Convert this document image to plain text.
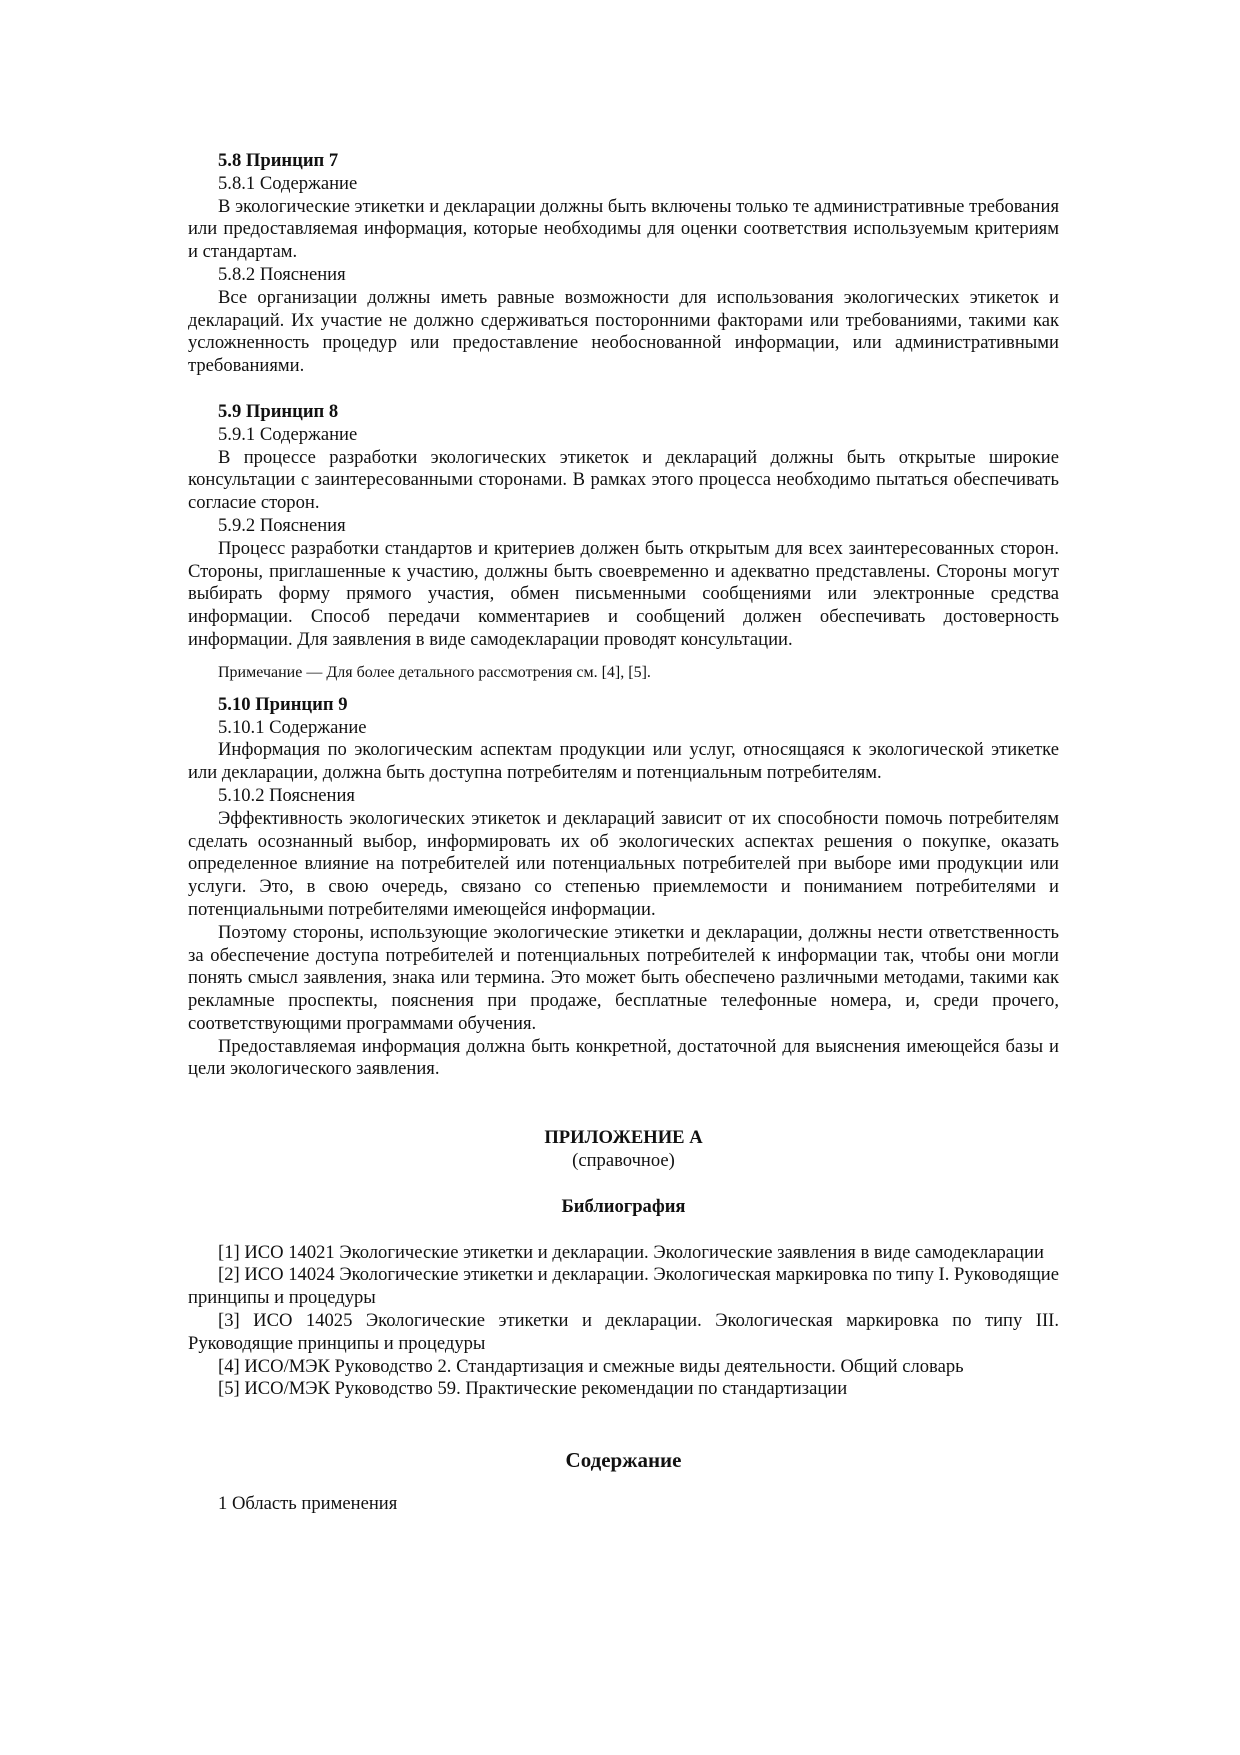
5.8 Принцип 7

5.8.1 Содержание

В экологические этикетки и декларации должны быть включены только те административные требования или предоставляемая информация, которые необходимы для оценки соответствия используемым критериям и стандартам.

5.8.2 Пояснения

Все организации должны иметь равные возможности для использования экологических этикеток и деклараций. Их участие не должно сдерживаться посторонними факторами или требованиями, такими как усложненность процедур или предоставление необоснованной информации, или административными требованиями.

5.9 Принцип 8

5.9.1 Содержание

В процессе разработки экологических этикеток и деклараций должны быть открытые широкие консультации с заинтересованными сторонами. В рамках этого процесса необходимо пытаться обеспечивать согласие сторон.

5.9.2 Пояснения

Процесс разработки стандартов и критериев должен быть открытым для всех заинтересованных сторон. Стороны, приглашенные к участию, должны быть своевременно и адекватно представлены. Стороны могут выбирать форму прямого участия, обмен письменными сообщениями или электронные средства информации. Способ передачи комментариев и сообщений должен обеспечивать достоверность информации. Для заявления в виде самодекларации проводят консультации.

Примечание — Для более детального рассмотрения см. [4], [5].

5.10 Принцип 9

5.10.1 Содержание

Информация по экологическим аспектам продукции или услуг, относящаяся к экологической этикетке или декларации, должна быть доступна потребителям и потенциальным потребителям.

5.10.2 Пояснения

Эффективность экологических этикеток и деклараций зависит от их способности помочь потребителям сделать осознанный выбор, информировать их об экологических аспектах решения о покупке, оказать определенное влияние на потребителей или потенциальных потребителей при выборе ими продукции или услуги. Это, в свою очередь, связано со степенью приемлемости и пониманием потребителями и потенциальными потребителями имеющейся информации.

Поэтому стороны, использующие экологические этикетки и декларации, должны нести ответственность за обеспечение доступа потребителей и потенциальных потребителей к информации так, чтобы они могли понять смысл заявления, знака или термина. Это может быть обеспечено различными методами, такими как рекламные проспекты, пояснения при продаже, бесплатные телефонные номера, и, среди прочего, соответствующими программами обучения.

Предоставляемая информация должна быть конкретной, достаточной для выяснения имеющейся базы и цели экологического заявления.

ПРИЛОЖЕНИЕ А

(справочное)

Библиография

[1] ИСО 14021 Экологические этикетки и декларации. Экологические заявления в виде самодекларации

[2] ИСО 14024 Экологические этикетки и декларации. Экологическая маркировка по типу I. Руководящие принципы и процедуры

[3] ИСО 14025 Экологические этикетки и декларации. Экологическая маркировка по типу III. Руководящие принципы и процедуры

[4] ИСО/МЭК Руководство 2. Стандартизация и смежные виды деятельности. Общий словарь

[5] ИСО/МЭК Руководство 59. Практические рекомендации по стандартизации

Содержание

1 Область применения
